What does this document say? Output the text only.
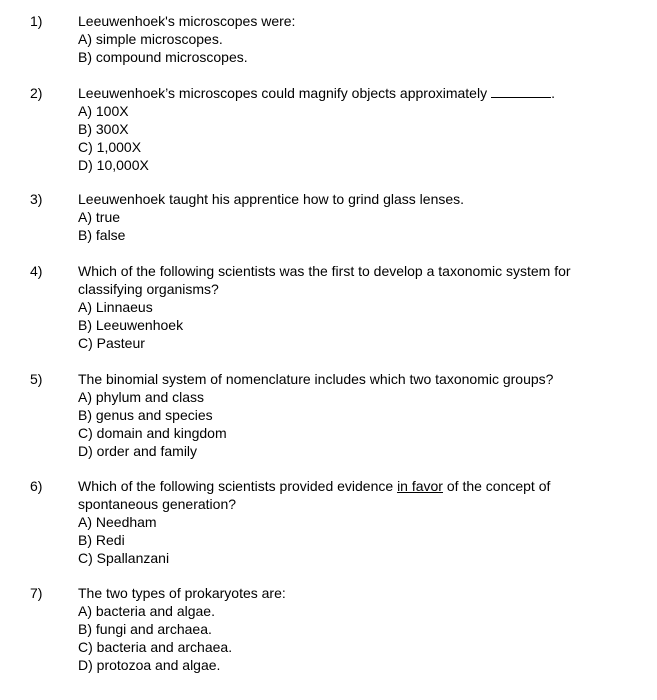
1)	Leeuwenhoek's microscopes were:
A) simple microscopes.
B) compound microscopes.
2)	Leeuwenhoek’s microscopes could magnify objects approximately	.
A) 100X
B) 300X
C) 1,000X
D) 10,000X
3)	Leeuwenhoek taught his apprentice how to grind glass lenses.
A) true
B) false
4)	Which of the following scientists was the first to develop a taxonomic system for
classifying organisms?
A) Linnaeus
B) Leeuwenhoek
C) Pasteur
5)	The binomial system of nomenclature includes which two taxonomic groups?
A) phylum and class
B) genus and species
C) domain and kingdom
D) order and family
6)	Which of the following scientists provided evidence in favor of the concept of
spontaneous generation?
A) Needham
B) Redi
C) Spallanzani
7)	The two types of prokaryotes are:
A) bacteria and algae.
B) fungi and archaea.
C) bacteria and archaea.
D) protozoa and algae.
